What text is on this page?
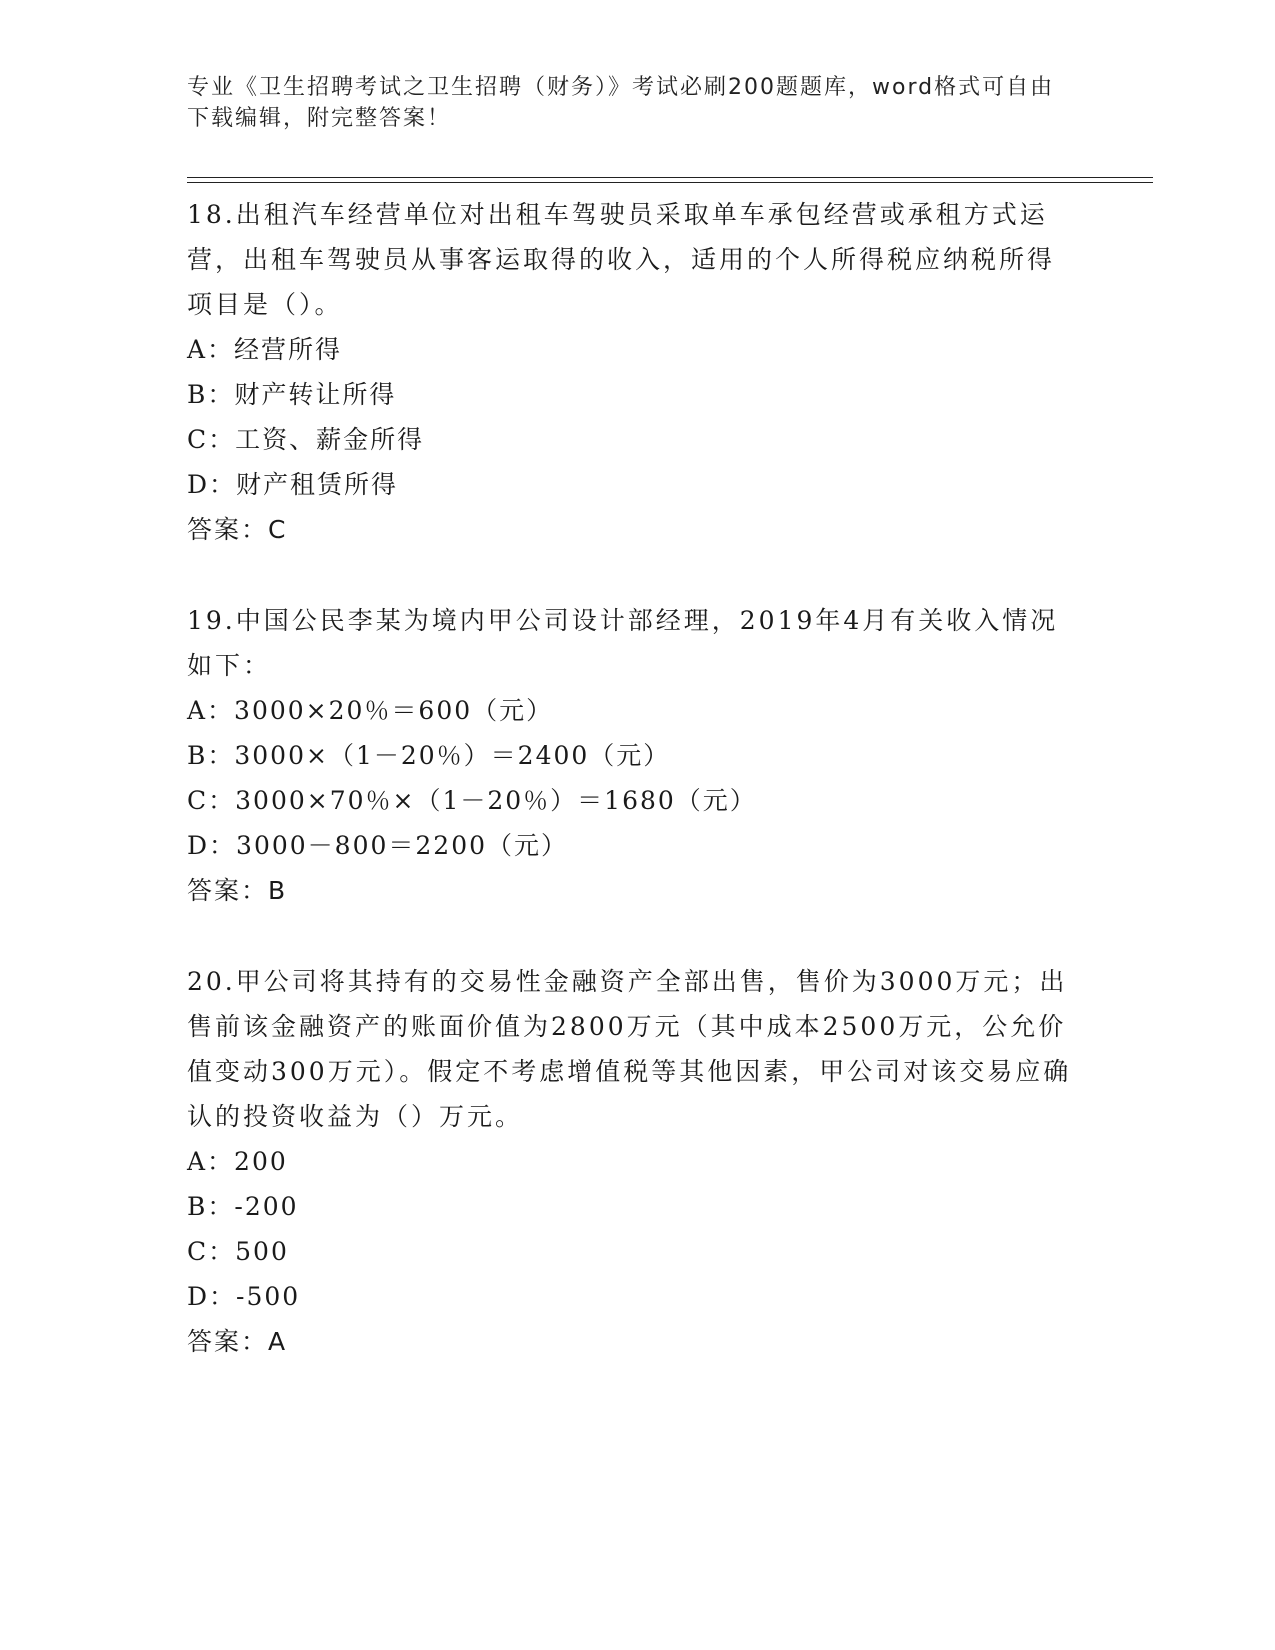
专业《卫生招聘考试之卫生招聘（财务）》考试必刷200题题库，word格式可自由下载编辑，附完整答案！
18.出租汽车经营单位对出租车驾驶员采取单车承包经营或承租方式运营，出租车驾驶员从事客运取得的收入，适用的个人所得税应纳税所得项目是（）。
A：经营所得
B：财产转让所得
C：工资、薪金所得
D：财产租赁所得
答案：C
19.中国公民李某为境内甲公司设计部经理，2019年4月有关收入情况如下：
A：3000×20％＝600（元）
B：3000×（1－20％）＝2400（元）
C：3000×70％×（1－20％）＝1680（元）
D：3000－800＝2200（元）
答案：B
20.甲公司将其持有的交易性金融资产全部出售，售价为3000万元；出售前该金融资产的账面价值为2800万元（其中成本2500万元，公允价值变动300万元）。假定不考虑增值税等其他因素，甲公司对该交易应确认的投资收益为（）万元。
A：200
B：-200
C：500
D：-500
答案：A
